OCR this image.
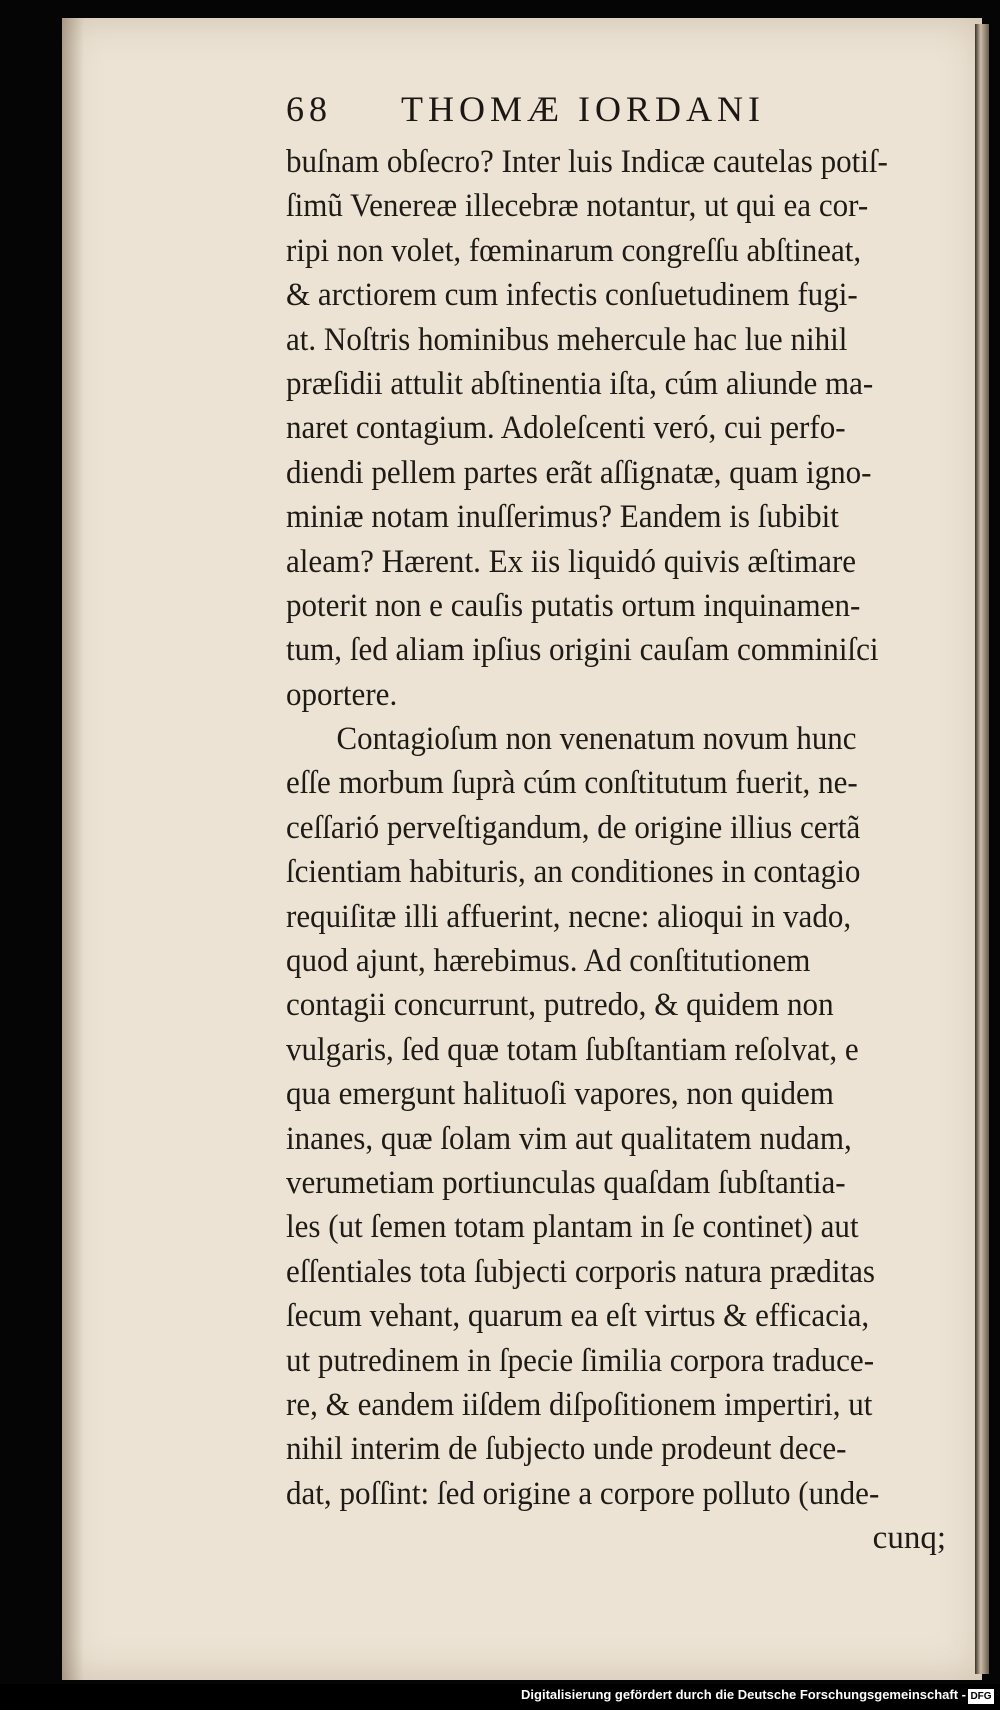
68 THOMÆ IORDANI
buſnam obſecro? Inter luis Indicæ cautelas potiſ-
ſimũ Venereæ illecebræ notantur, ut qui ea cor-
ripi non volet, fœminarum congreſſu abſtineat,
& arctiorem cum infectis conſuetudinem fugi-
at. Noſtris hominibus mehercule hac lue nihil
præſidii attulit abſtinentia iſta, cúm aliunde ma-
naret contagium. Adoleſcenti veró, cui perfo-
diendi pellem partes erãt aſſignatæ, quam igno-
miniæ notam inuſſerimus? Eandem is ſubibit
aleam? Hærent. Ex iis liquidó quivis æſtimare
poterit non e cauſis putatis ortum inquinamen-
tum, ſed aliam ipſius origini cauſam comminiſci
oportere.
Contagioſum non venenatum novum hunc
eſſe morbum ſuprà cúm conſtitutum fuerit, ne-
ceſſarió perveſtigandum, de origine illius certã
ſcientiam habituris, an conditiones in contagio
requiſitæ illi affuerint, necne: alioqui in vado,
quod ajunt, hærebimus. Ad conſtitutionem
contagii concurrunt, putredo, & quidem non
vulgaris, ſed quæ totam ſubſtantiam reſolvat, e
qua emergunt halituoſi vapores, non quidem
inanes, quæ ſolam vim aut qualitatem nudam,
verumetiam portiunculas quaſdam ſubſtantia-
les (ut ſemen totam plantam in ſe continet) aut
eſſentiales tota ſubjecti corporis natura præditas
ſecum vehant, quarum ea eſt virtus & efficacia,
ut putredinem in ſpecie ſimilia corpora traduce-
re, & eandem iiſdem diſpoſitionem impertiri, ut
nihil interim de ſubjecto unde prodeunt dece-
dat, poſſint: ſed origine a corpore polluto (unde-
cunq;
Digitalisierung gefördert durch die Deutsche Forschungsgemeinschaft - DFG
